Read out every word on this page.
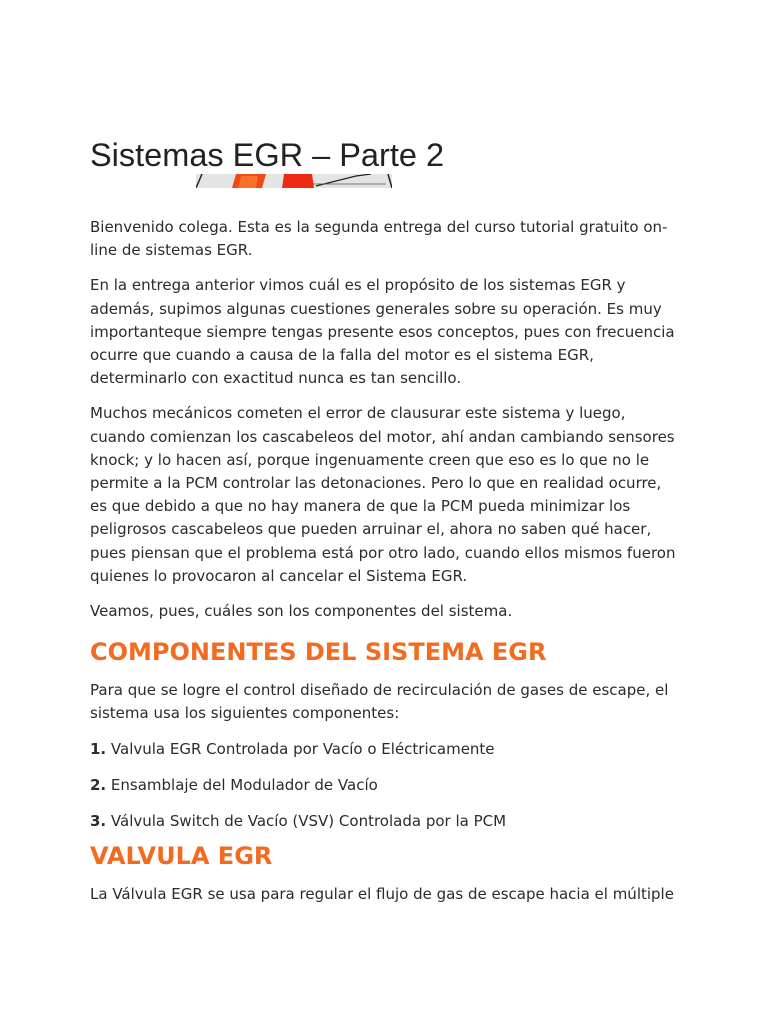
Sistemas EGR – Parte 2

Bienvenido colega. Esta es la segunda entrega del curso tutorial gratuito on-line de sistemas EGR.

En la entrega anterior vimos cuál es el propósito de los sistemas EGR y además, supimos algunas cuestiones generales sobre su operación. Es muy importanteque siempre tengas presente esos conceptos, pues con frecuencia ocurre que cuando a causa de la falla del motor es el sistema EGR, determinarlo con exactitud nunca es tan sencillo.

Muchos mecánicos cometen el error de clausurar este sistema y luego, cuando comienzan los cascabeleos del motor, ahí andan cambiando sensores knock; y lo hacen así, porque ingenuamente creen que eso es lo que no le permite a la PCM controlar las detonaciones. Pero lo que en realidad ocurre, es que debido a que no hay manera de que la PCM pueda minimizar los peligrosos cascabeleos que pueden arruinar el, ahora no saben qué hacer, pues piensan que el problema está por otro lado, cuando ellos mismos fueron quienes lo provocaron al cancelar el Sistema EGR.

Veamos, pues, cuáles son los componentes del sistema.

COMPONENTES DEL SISTEMA EGR

Para que se logre el control diseñado de recirculación de gases de escape, el sistema usa los siguientes componentes:

1. Valvula EGR Controlada por Vacío o Eléctricamente

2. Ensamblaje del Modulador de Vacío

3. Válvula Switch de Vacío (VSV) Controlada por la PCM

VALVULA EGR

La Válvula EGR se usa para regular el flujo de gas de escape hacia el múltiple
